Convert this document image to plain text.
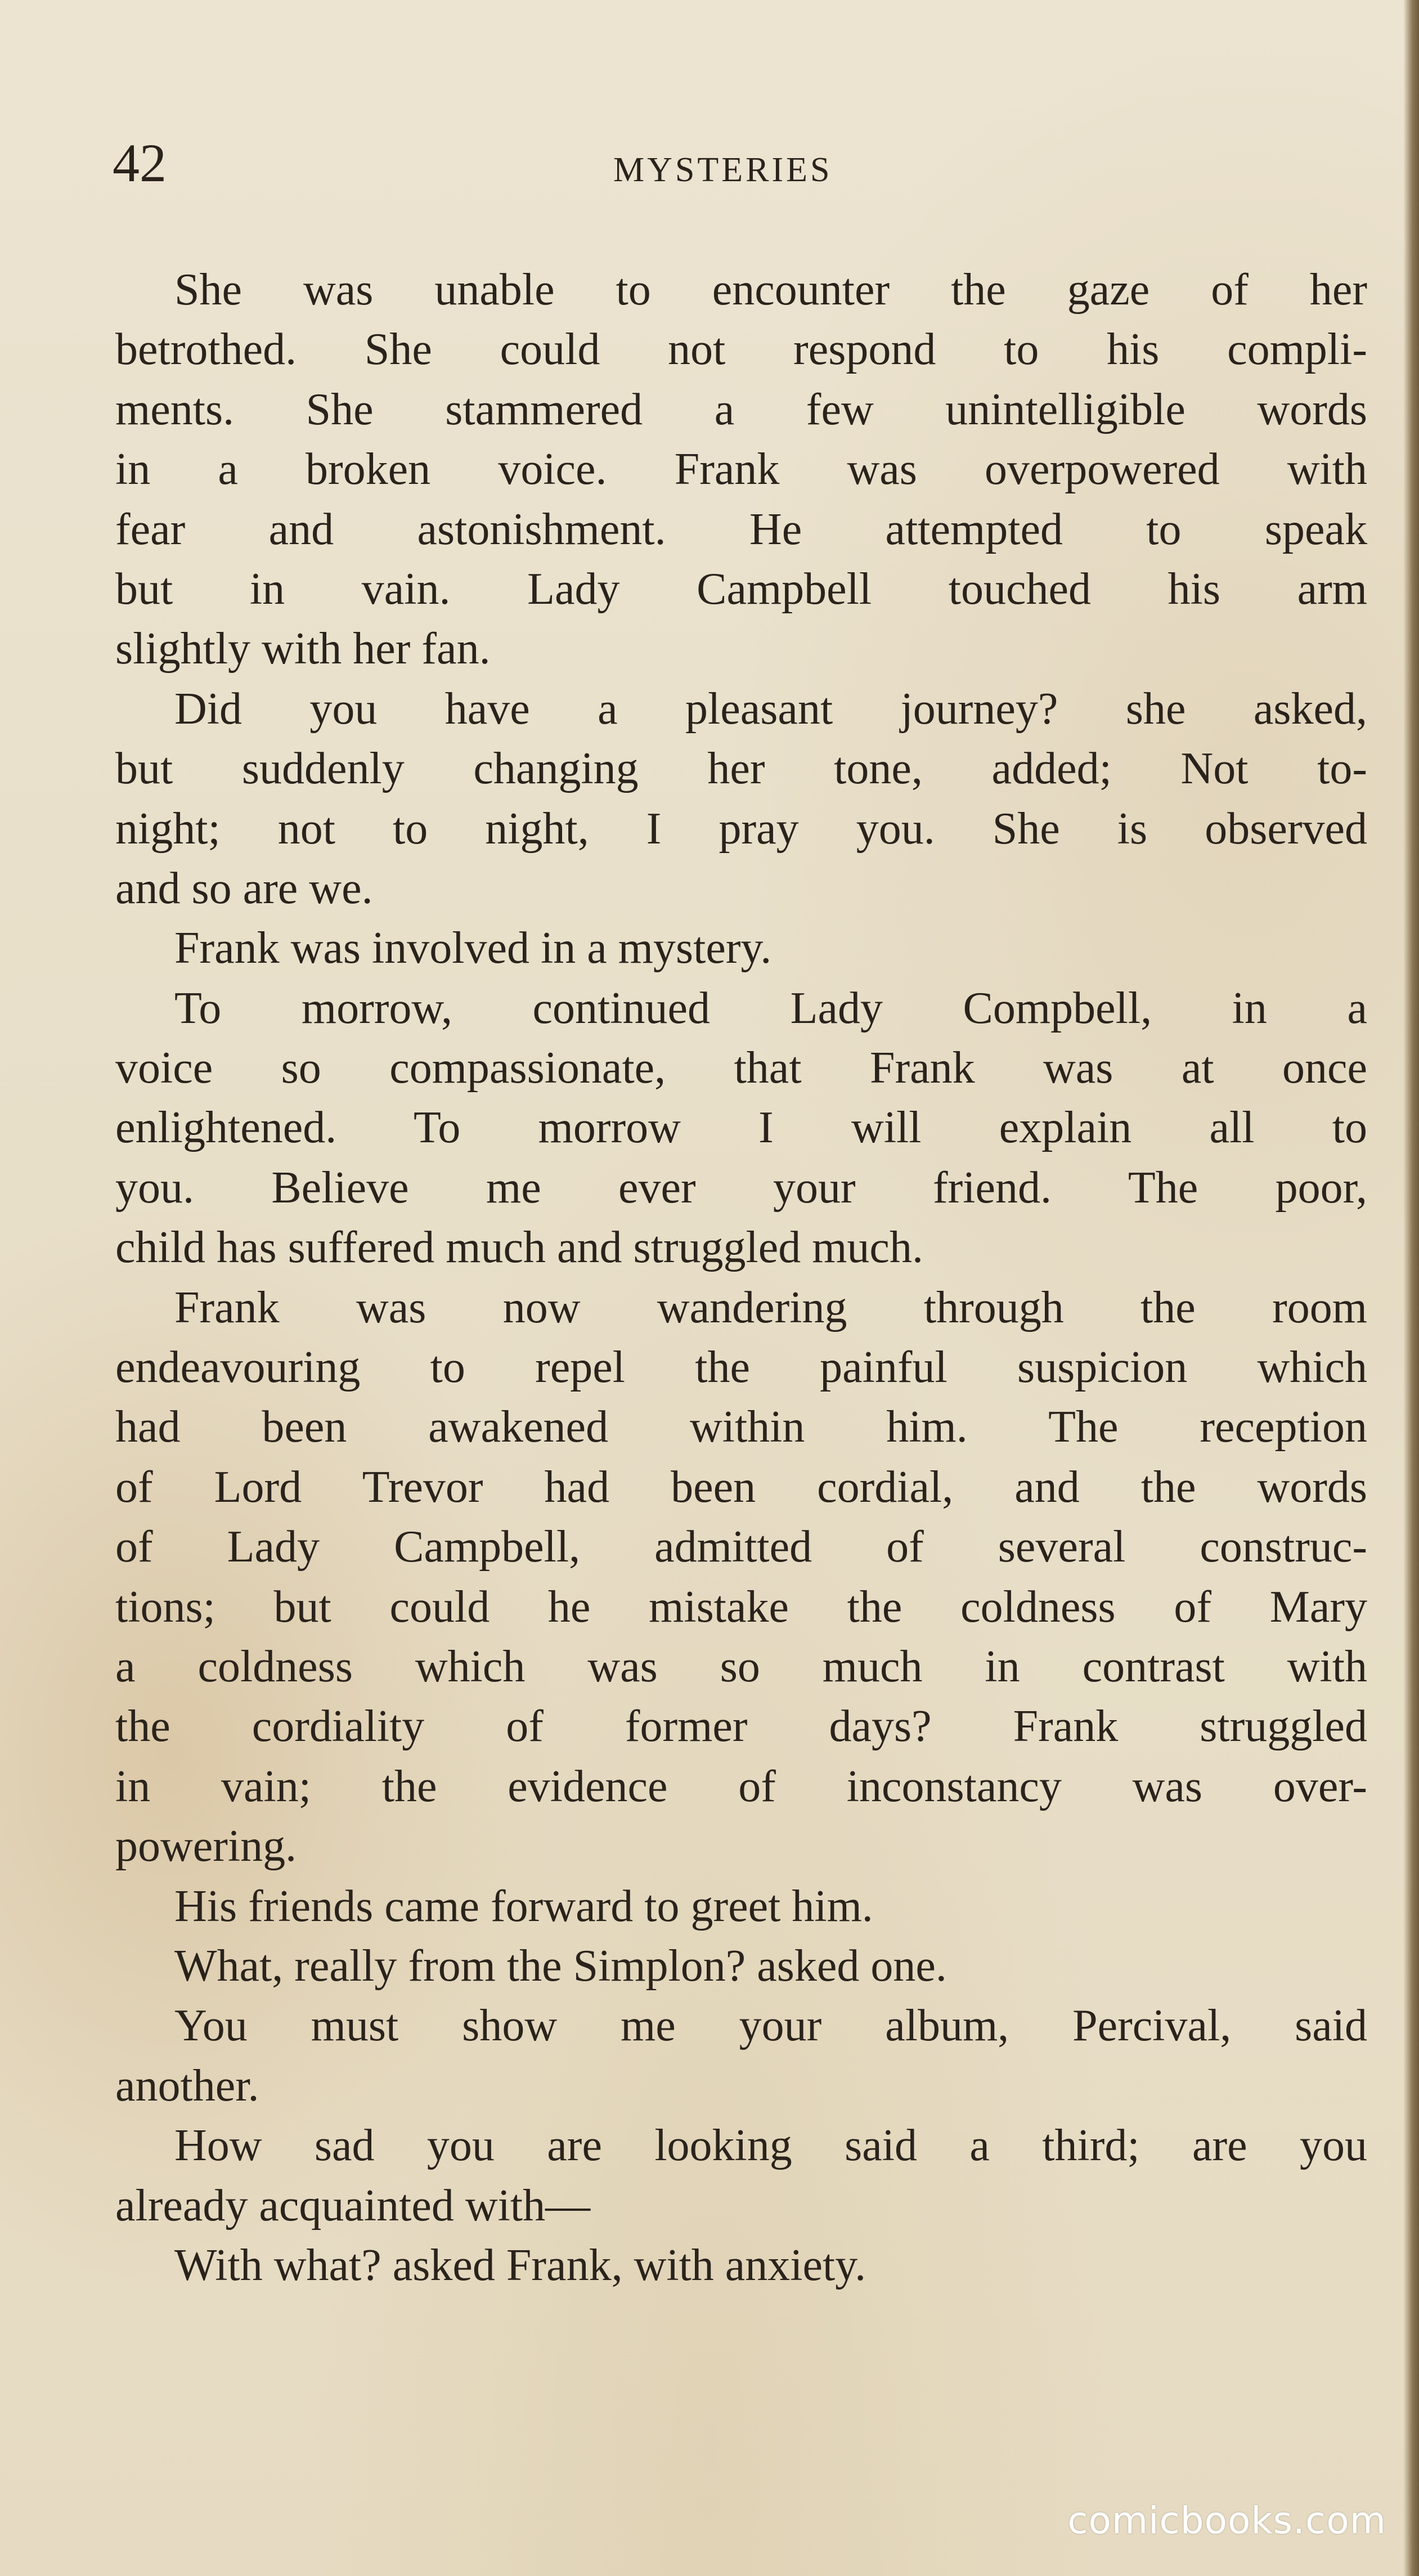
42	MYSTERIES
She was unable to encounter the gaze of her
betrothed. She could not respond to his compli-
ments. She stammered a few unintelligible words
in a broken voice. Frank was overpowered with
fear and astonishment. He attempted to speak
but in vain. Lady Campbell touched his arm
slightly with her fan.
Did you have a pleasant journey? she asked,
but suddenly changing her tone, added; Not to-
night; not to night, I pray you. She is observed
and so are we.
Frank was involved in a mystery.
To morrow, continued Lady Compbell, in a
voice so compassionate, that Frank was at once
enlightened. To morrow I will explain all to
you. Believe me ever your friend. The poor,
child has suffered much and struggled much.
Frank was now wandering through the room
endeavouring to repel the painful suspicion which
had been awakened within him. The reception
of Lord Trevor had been cordial, and the words
of Lady Campbell, admitted of several construc-
tions; but could he mistake the coldness of Mary
a coldness which was so much in contrast with
the cordiality of former days? Frank struggled
in vain; the evidence of inconstancy was over-
powering.
His friends came forward to greet him.
What, really from the Simplon? asked one.
You must show me your album, Percival, said
another.
How sad you are looking said a third; are you
already acquainted with—
With what? asked Frank, with anxiety.
comicbooks.com
